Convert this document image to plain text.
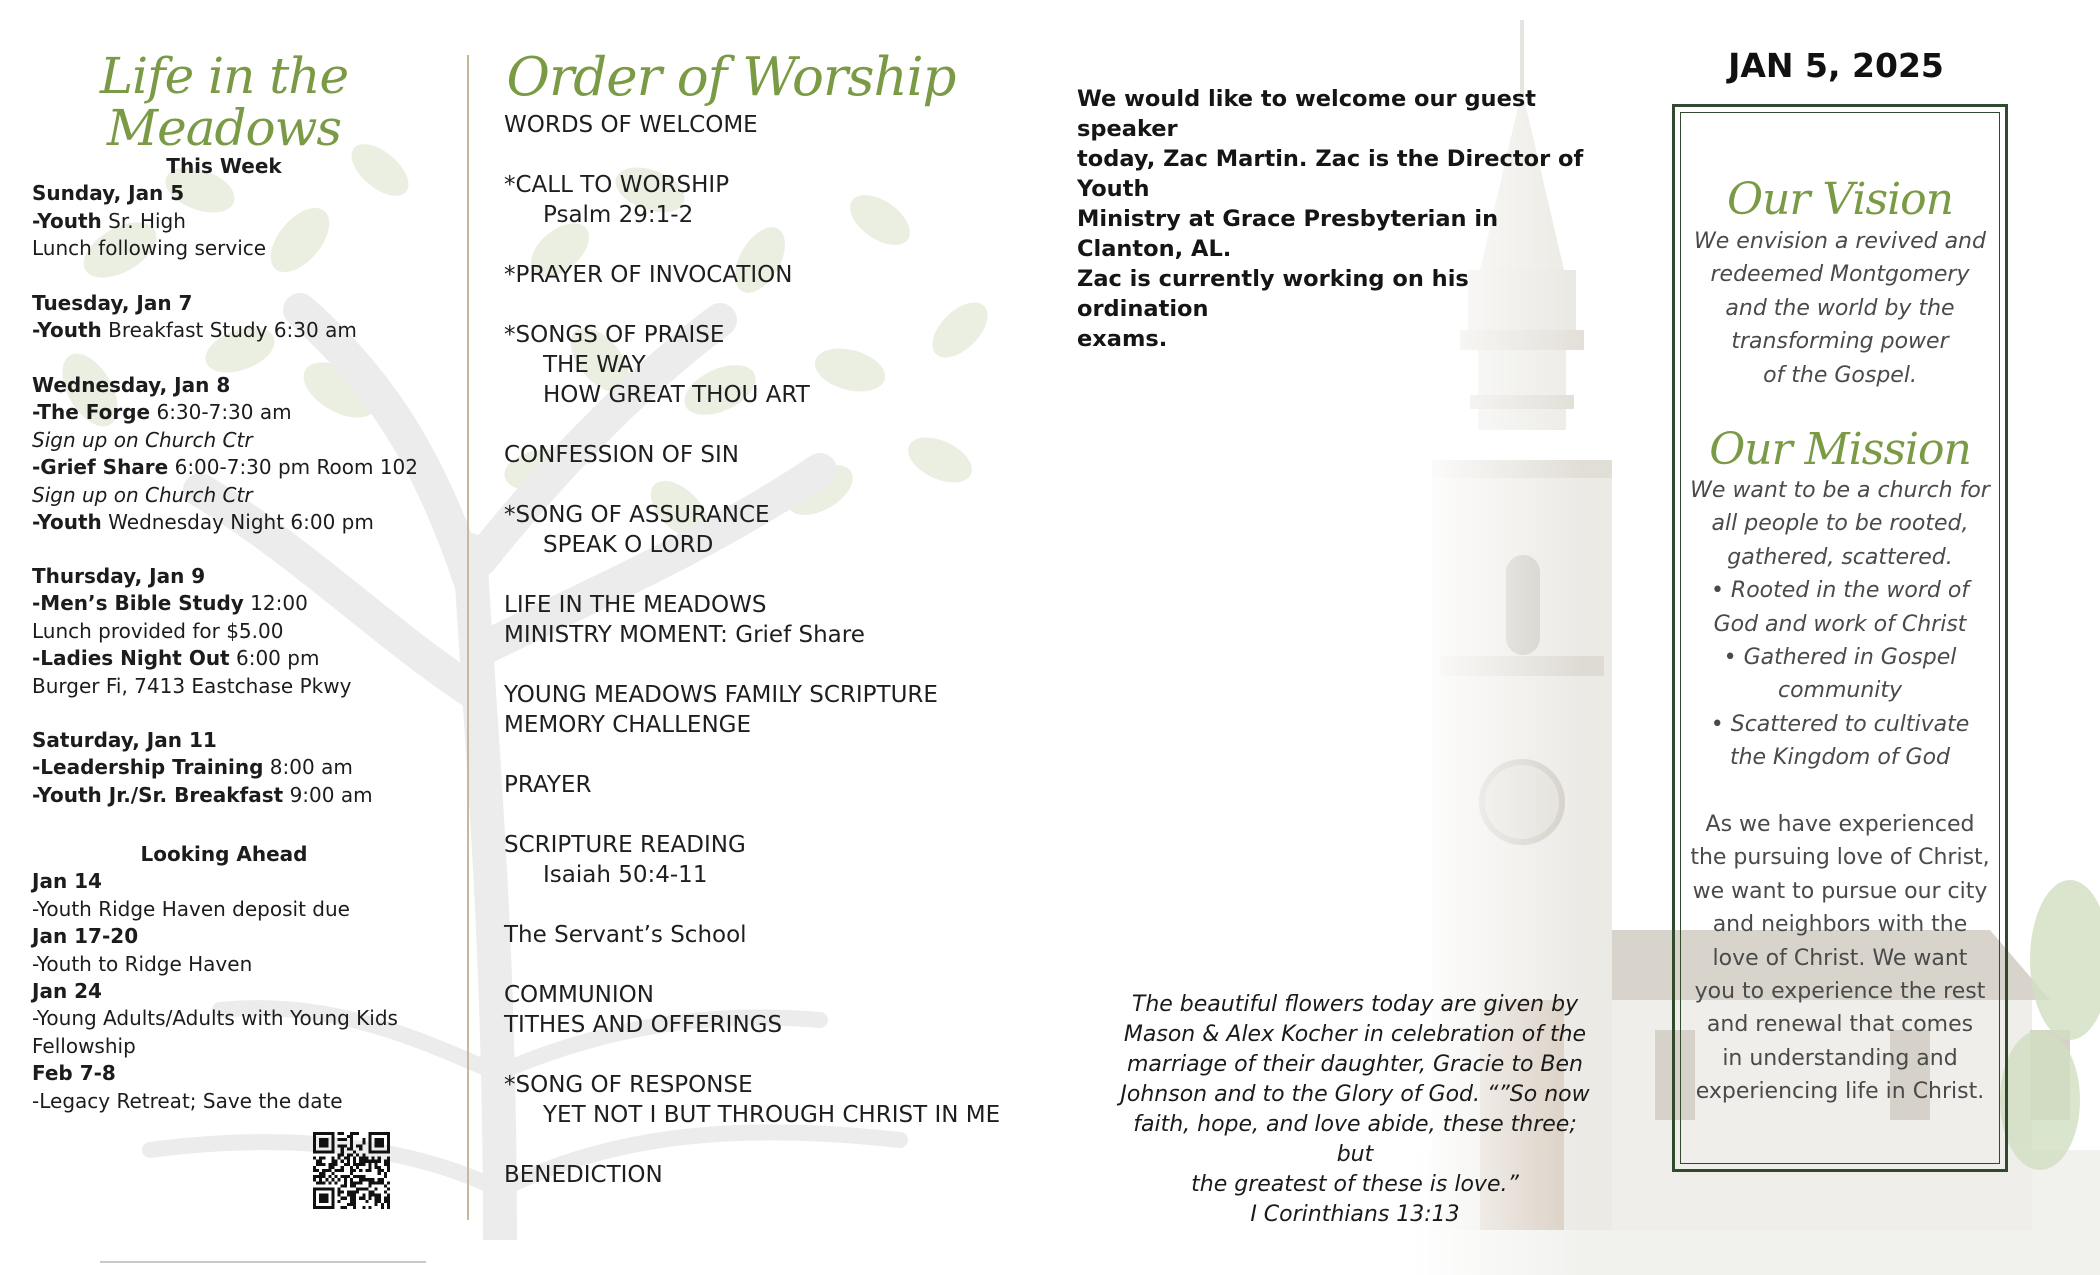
Life in the
Meadows
This Week
Sunday, Jan 5
-Youth Sr. High
Lunch following service
Tuesday, Jan 7
-Youth Breakfast Study 6:30 am
Wednesday, Jan 8
-The Forge 6:30-7:30 am
Sign up on Church Ctr
-Grief Share 6:00-7:30 pm Room 102
Sign up on Church Ctr
-Youth Wednesday Night 6:00 pm
Thursday, Jan 9
-Men’s Bible Study 12:00
Lunch provided for $5.00
-Ladies Night Out 6:00 pm
Burger Fi, 7413 Eastchase Pkwy
Saturday, Jan 11
-Leadership Training 8:00 am
-Youth Jr./Sr. Breakfast 9:00 am
Looking Ahead
Jan 14
-Youth Ridge Haven deposit due
Jan 17-20
-Youth to Ridge Haven
Jan 24
-Young Adults/Adults with Young Kids
Fellowship
Feb 7-8
-Legacy Retreat; Save the date
Order of Worship
WORDS OF WELCOME
*CALL TO WORSHIP
Psalm 29:1-2
*PRAYER OF INVOCATION
*SONGS OF PRAISE
THE WAY
HOW GREAT THOU ART
CONFESSION OF SIN
*SONG OF ASSURANCE
SPEAK O LORD
LIFE IN THE MEADOWS
MINISTRY MOMENT: Grief Share
YOUNG MEADOWS FAMILY SCRIPTURE
MEMORY CHALLENGE
PRAYER
SCRIPTURE READING
Isaiah 50:4-11
The Servant’s School
COMMUNION
TITHES AND OFFERINGS
*SONG OF RESPONSE
YET NOT I BUT THROUGH CHRIST IN ME
BENEDICTION
We would like to welcome our guest speaker
today, Zac Martin. Zac is the Director of Youth
Ministry at Grace Presbyterian in Clanton, AL.
Zac is currently working on his ordination
exams.
The beautiful flowers today are given by
Mason & Alex Kocher in celebration of the
marriage of their daughter, Gracie to Ben
Johnson and to the Glory of God. “”So now
faith, hope, and love abide, these three; but
the greatest of these is love.”
I Corinthians 13:13
JAN 5, 2025
Our Vision
We envision a revived and
redeemed Montgomery
and the world by the
transforming power
of the Gospel.
Our Mission
We want to be a church for
all people to be rooted,
gathered, scattered.
• Rooted in the word of
God and work of Christ
• Gathered in Gospel
community
• Scattered to cultivate
the Kingdom of God
As we have experienced
the pursuing love of Christ,
we want to pursue our city
and neighbors with the
love of Christ. We want
you to experience the rest
and renewal that comes
in understanding and
experiencing life in Christ.
